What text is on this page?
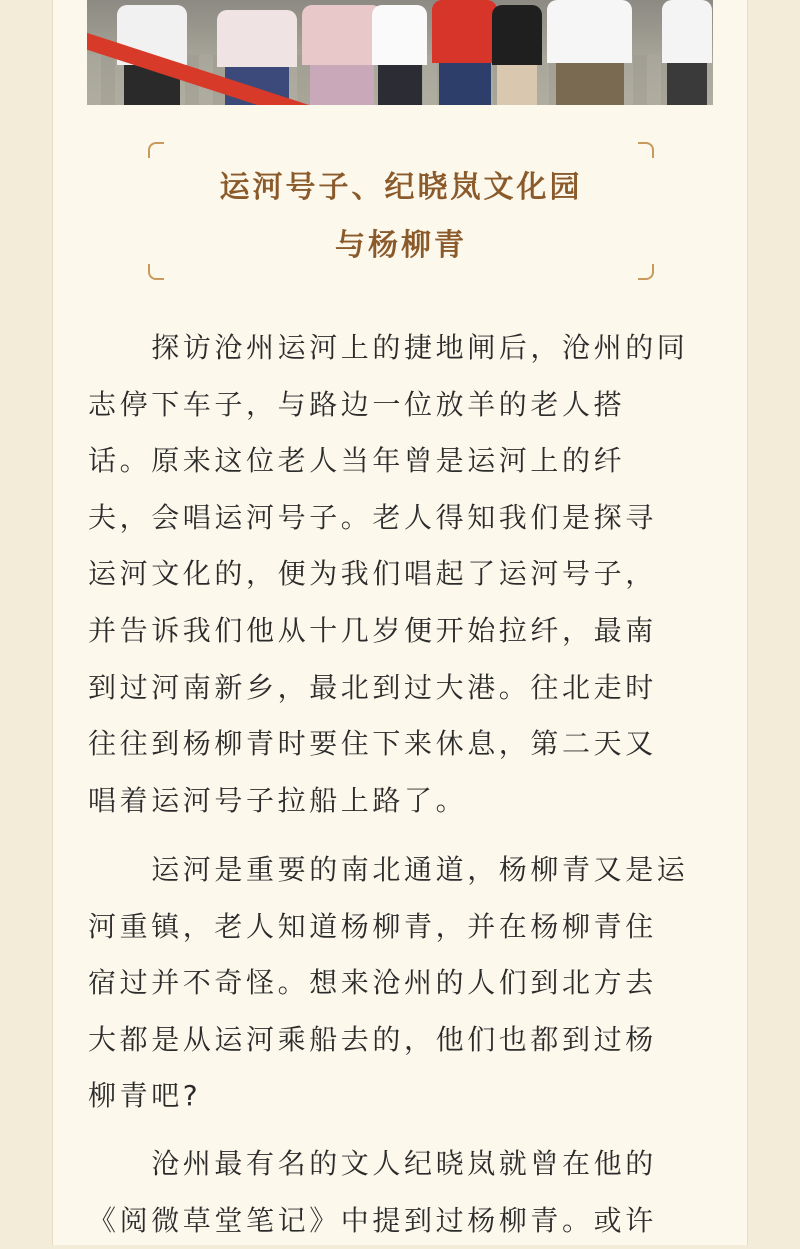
运河号子、纪晓岚文化园
与杨柳青
　　探访沧州运河上的捷地闸后，沧州的同
志停下车子，与路边一位放羊的老人搭
话。原来这位老人当年曾是运河上的纤
夫，会唱运河号子。老人得知我们是探寻
运河文化的，便为我们唱起了运河号子，
并告诉我们他从十几岁便开始拉纤，最南
到过河南新乡，最北到过大港。往北走时
往往到杨柳青时要住下来休息，第二天又
唱着运河号子拉船上路了。
　　运河是重要的南北通道，杨柳青又是运
河重镇，老人知道杨柳青，并在杨柳青住
宿过并不奇怪。想来沧州的人们到北方去
大都是从运河乘船去的，他们也都到过杨
柳青吧?
　　沧州最有名的文人纪晓岚就曾在他的
《阅微草堂笔记》中提到过杨柳青。或许
